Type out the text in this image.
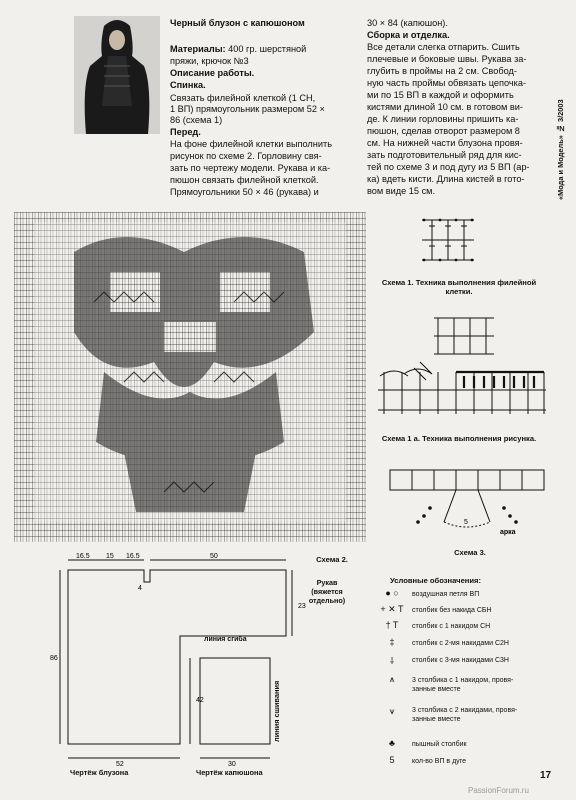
Черный блузон с капюшоном
Материалы: 400 гр. шерстяной
пряжи, крючок №3
Описание работы.
Спинка.
Связать филейной клеткой (1 СН,
1 ВП) прямоугольник размером 52 ×
86 (схема 1)
Перед.
На фоне филейной клетки выполнить
рисунок по схеме 2. Горловину свя-
зать по чертежу модели. Рукава и ка-
пюшон связать филейной клеткой.
Прямоугольники 50 × 46 (рукава) и
30 × 84 (капюшон).
Сборка и отделка.
Все детали слегка отпарить. Сшить
плечевые и боковые швы. Рукава за-
глубить в проймы на 2 см. Свобод-
ную часть проймы обвязать цепочка-
ми по 15 ВП в каждой и оформить
кистями длиной 10 см. в готовом ви-
де. К линии горловины пришить ка-
пюшон, сделав отворот размером 8
см. На нижней части блузона провя-
зать подготовительный ряд для кис-
тей по схеме 3 и под дугу из 5 ВП (ар-
ка) вдеть кисти. Длина кистей в гото-
вом виде 15 см.	«Мода и Модель» № 3/2003
Схема 1. Техника выполнения филейной
клетки.
Схема 1 а. Техника выполнения рисунка.
5
арка
Схема 3.
Схема 2.
16.5 15 16.5	50
4
23
86
52
42
30
Рукав
(вяжется
отдельно)
линия сгиба
линия сшивания
Чертёж блузона	Чертёж капюшона
Условные обозначения:
● ○	воздушная петля ВП
+ ✕ T столбик без накида СБН
† T	столбик с 1 накидом СН
‡	столбик с 2-мя накидами С2Н
⸸	столбик с 3-мя накидами С3Н
⩚	3 столбика с 1 накидом, провя-
занные вместе
⩛	3 столбика с 2 накидами, провя-
занные вместе
♣	пышный столбик
5	кол-во ВП в дуге
17
PassionForum.ru
